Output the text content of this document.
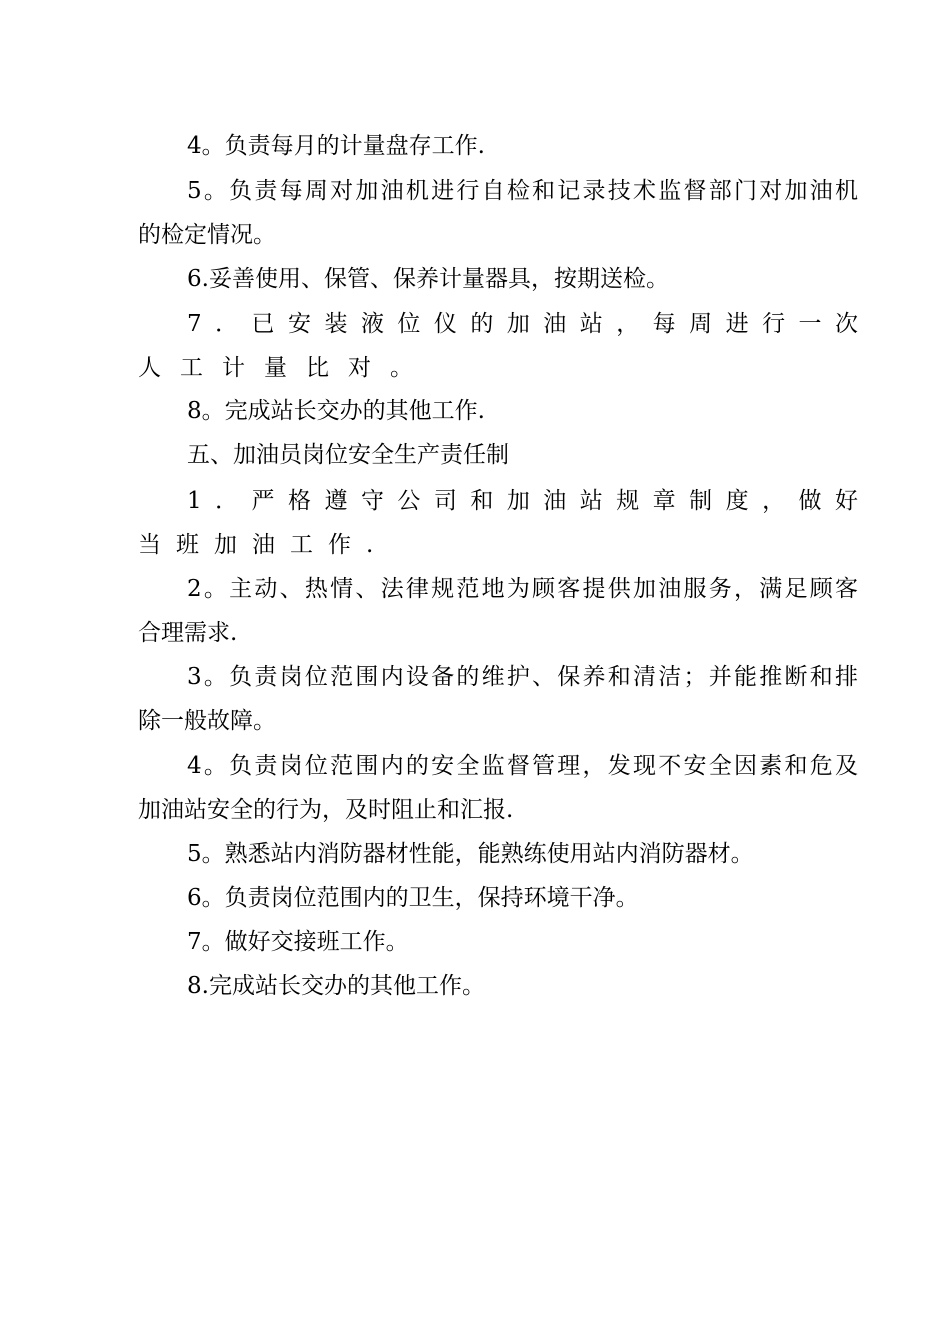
4。负责每月的计量盘存工作.
5。负责每周对加油机进行自检和记录技术监督部门对加油机
的检定情况。
6.妥善使用、保管、保养计量器具，按期送检。
7．已安装液位仪的加油站，每周进行一次
人工计量比对。
8。完成站长交办的其他工作.
五、加油员岗位安全生产责任制
1．严格遵守公司和加油站规章制度，做好
当班加油工作.
2。主动、热情、法律规范地为顾客提供加油服务，满足顾客
合理需求.
3。负责岗位范围内设备的维护、保养和清洁；并能推断和排
除一般故障。
4。负责岗位范围内的安全监督管理，发现不安全因素和危及
加油站安全的行为，及时阻止和汇报.
5。熟悉站内消防器材性能，能熟练使用站内消防器材。
6。负责岗位范围内的卫生，保持环境干净。
7。做好交接班工作。
8.完成站长交办的其他工作。
